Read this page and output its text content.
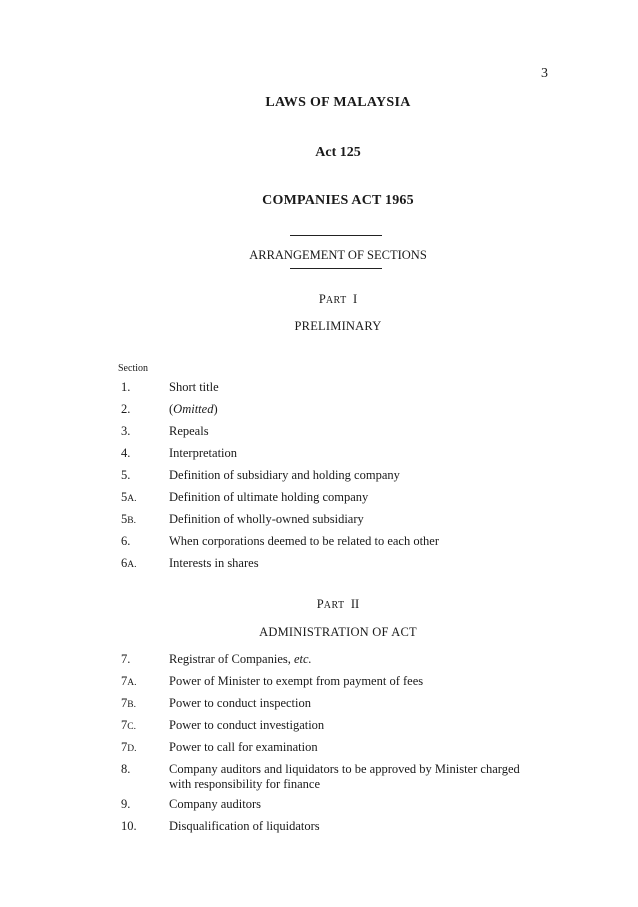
3
LAWS OF MALAYSIA
Act 125
COMPANIES ACT 1965
ARRANGEMENT OF SECTIONS
PART I
PRELIMINARY
Section
1.	Short title
2.	(Omitted)
3.	Repeals
4.	Interpretation
5.	Definition of subsidiary and holding company
5A.	Definition of ultimate holding company
5B.	Definition of wholly-owned subsidiary
6.	When corporations deemed to be related to each other
6A.	Interests in shares
PART II
ADMINISTRATION OF ACT
7.	Registrar of Companies, etc.
7A.	Power of Minister to exempt from payment of fees
7B.	Power to conduct inspection
7C.	Power to conduct investigation
7D.	Power to call for examination
8.	Company auditors and liquidators to be approved by Minister charged
with responsibility for finance
9.	Company auditors
10.	Disqualification of liquidators
